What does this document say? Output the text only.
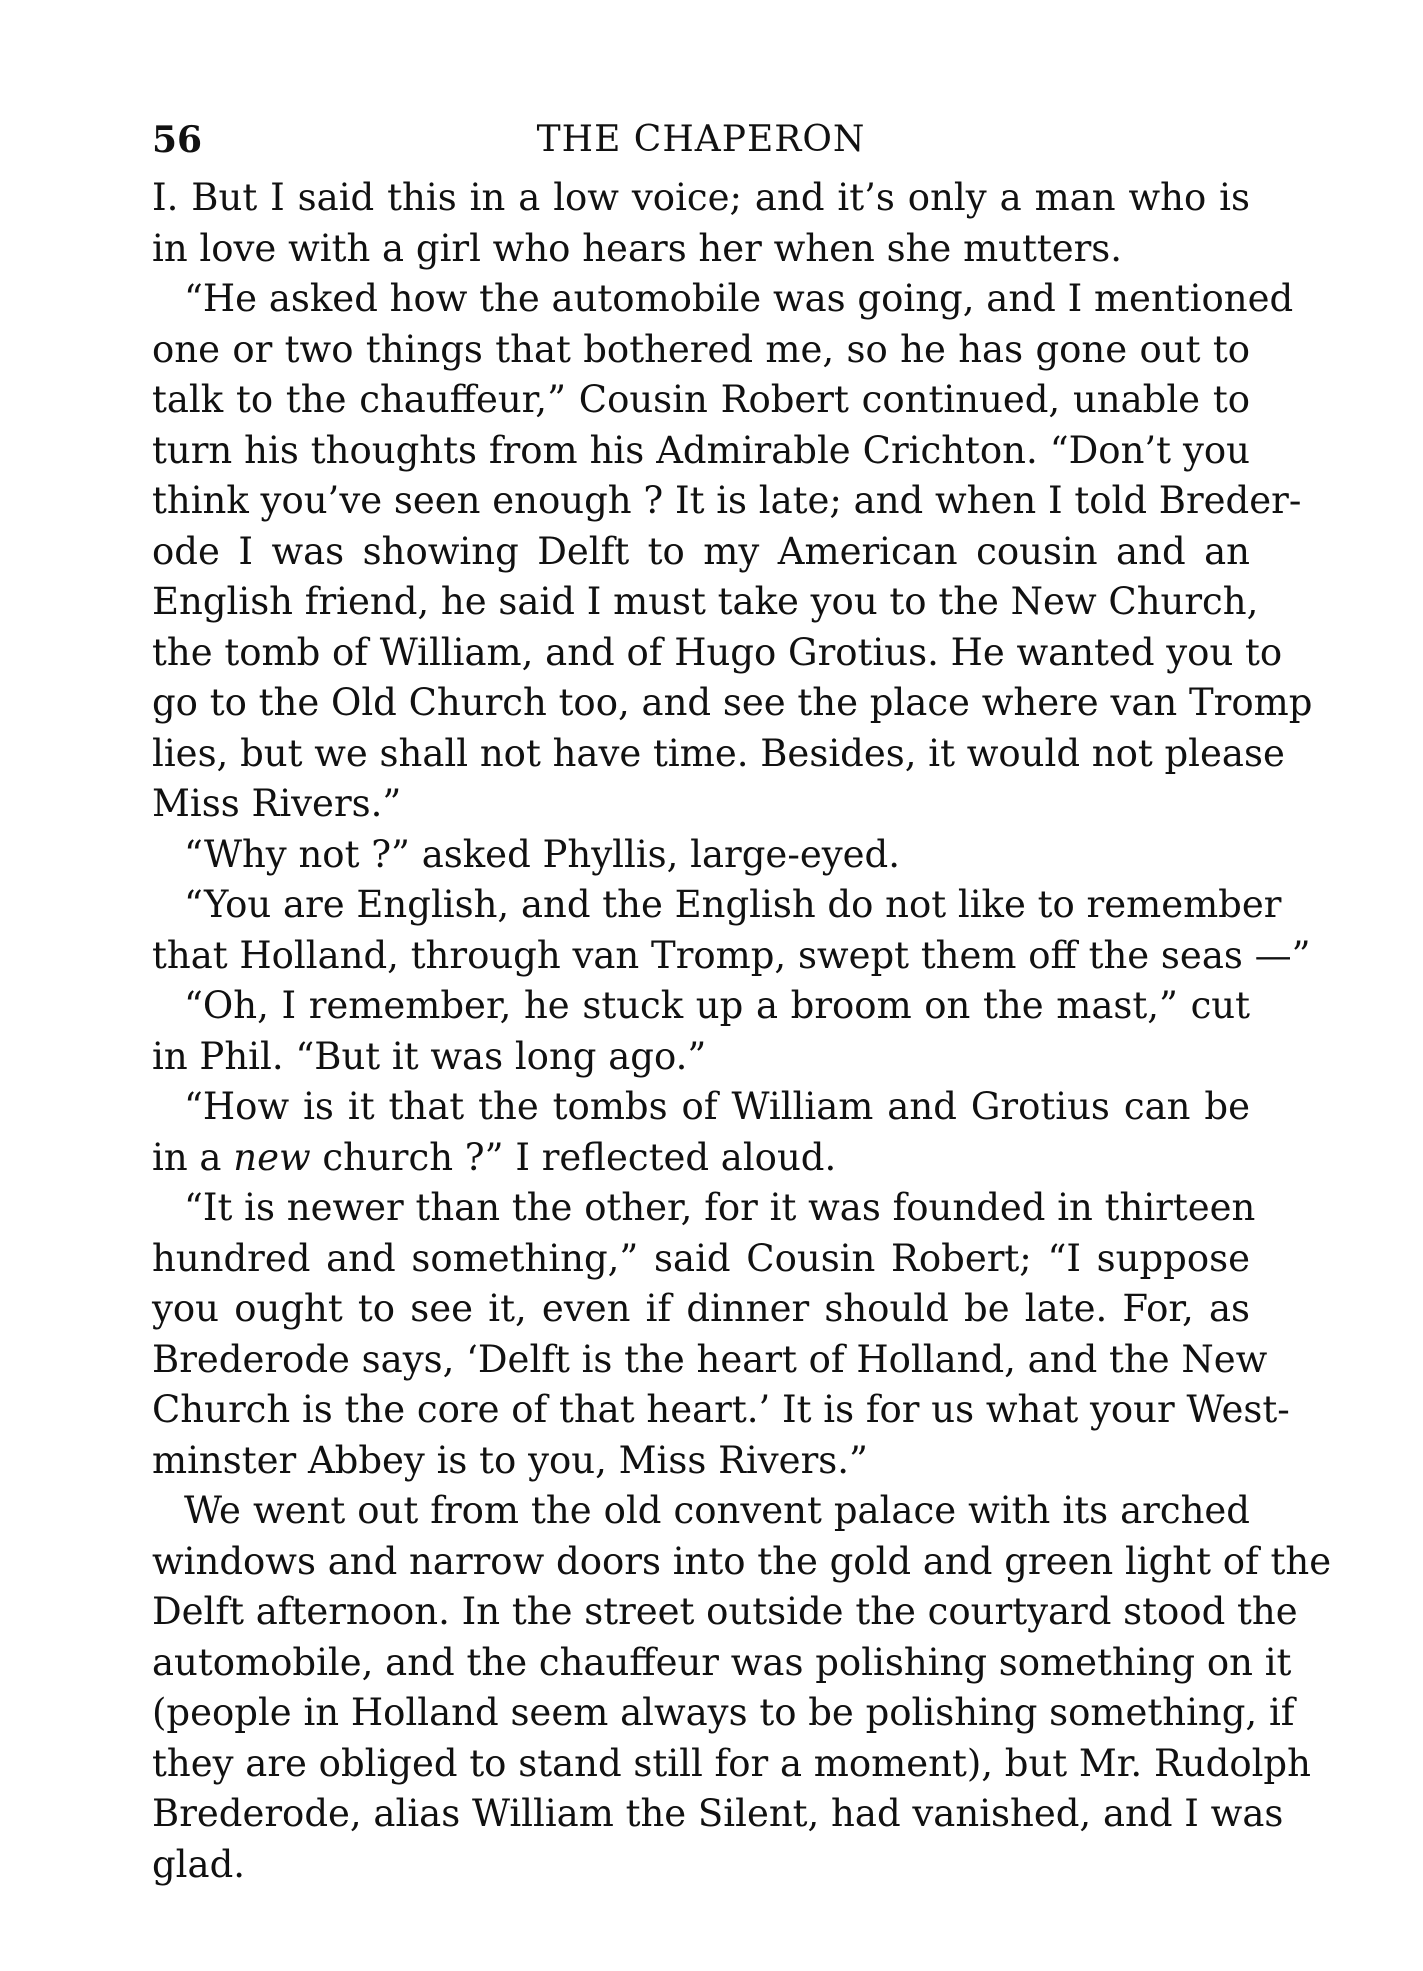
56	THE CHAPERON
I. But I said this in a low voice; and it’s only a man who is
in love with a girl who hears her when she mutters.
“He asked how the automobile was going, and I mentioned
one or two things that bothered me, so he has gone out to
talk to the chauffeur,” Cousin Robert continued, unable to
turn his thoughts from his Admirable Crichton. “Don’t you
think you’ve seen enough ? It is late; and when I told Breder-
ode I was showing Delft to my American cousin and an
English friend, he said I must take you to the New Church,
the tomb of William, and of Hugo Grotius. He wanted you to
go to the Old Church too, and see the place where van Tromp
lies, but we shall not have time. Besides, it would not please
Miss Rivers.”
“Why not ?” asked Phyllis, large-eyed.
“You are English, and the English do not like to remember
that Holland, through van Tromp, swept them off the seas —”
“Oh, I remember, he stuck up a broom on the mast,” cut
in Phil. “But it was long ago.”
“How is it that the tombs of William and Grotius can be
in a new church ?” I reflected aloud.
“It is newer than the other, for it was founded in thirteen
hundred and something,” said Cousin Robert; “I suppose
you ought to see it, even if dinner should be late. For, as
Brederode says, ‘Delft is the heart of Holland, and the New
Church is the core of that heart.’ It is for us what your West-
minster Abbey is to you, Miss Rivers.”
We went out from the old convent palace with its arched
windows and narrow doors into the gold and green light of the
Delft afternoon. In the street outside the courtyard stood the
automobile, and the chauffeur was polishing something on it
(people in Holland seem always to be polishing something, if
they are obliged to stand still for a moment), but Mr. Rudolph
Brederode, alias William the Silent, had vanished, and I was
glad.
